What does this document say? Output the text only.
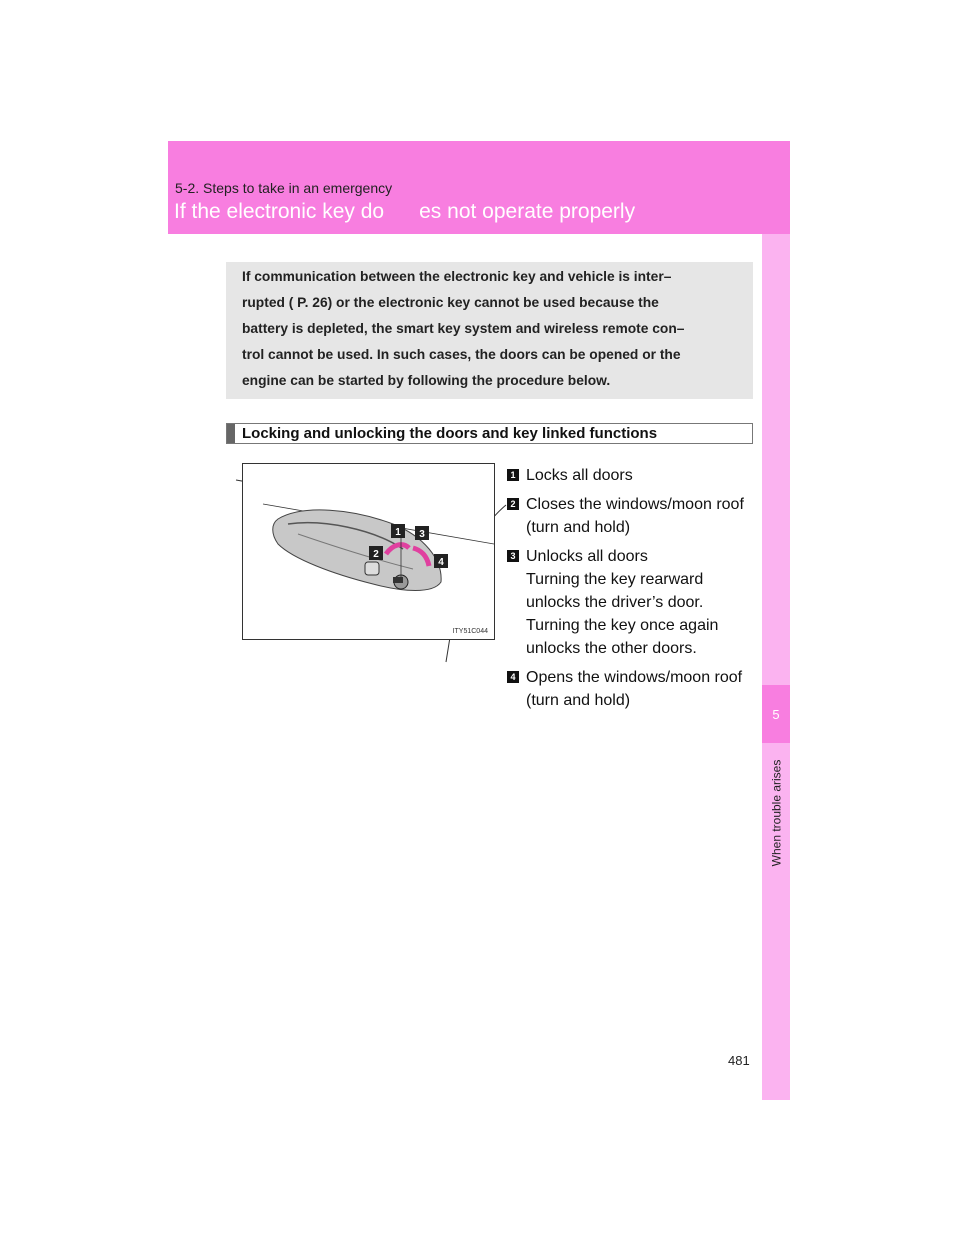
5-2. Steps to take in an emergency
If the electronic key do      es not operate properly
5
When trouble arises

If communication between the electronic key and vehicle is inter–

rupted ( P. 26) or the electronic key cannot be used because the

battery is depleted, the smart key system and wireless remote con–

trol cannot be used. In such cases, the doors can be opened or the

engine can be started by following the procedure below.

Locking and unlocking the doors and key linked functions
1
2
3
4
ITY51C044
1 Locks all doors
2 Closes the windows/moon roof (turn and hold)
3 Unlocks all doors
Turning the key rearward unlocks the driver’s door. Turning the key once again unlocks the other doors.
4 Opens the windows/moon roof (turn and hold)
481
